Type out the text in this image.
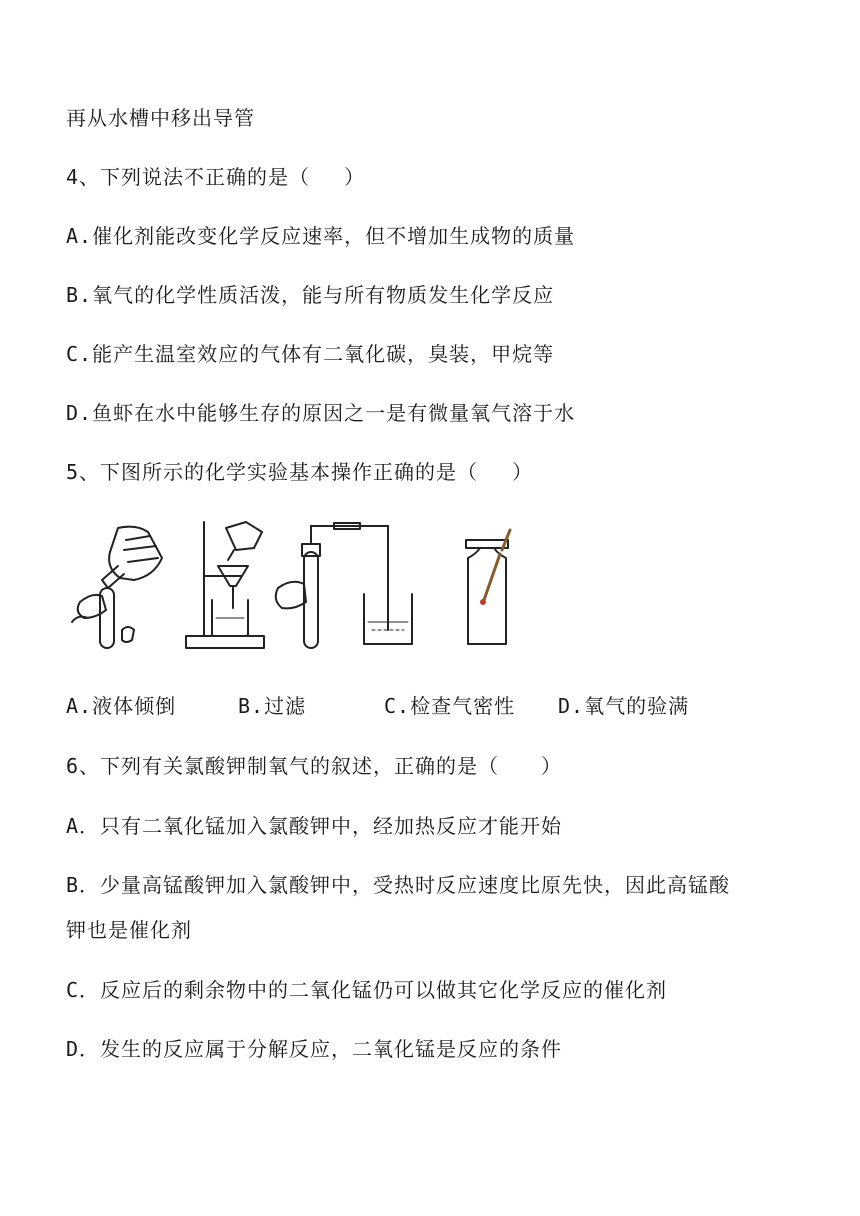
再从水槽中移出导管
4、下列说法不正确的是（　 ）
A.催化剂能改变化学反应速率，但不增加生成物的质量
B.氧气的化学性质活泼，能与所有物质发生化学反应
C.能产生温室效应的气体有二氧化碳，臭装，甲烷等
D.鱼虾在水中能够生存的原因之一是有微量氧气溶于水
5、下图所示的化学实验基本操作正确的是（　 ）
A.液体倾倒	B.过滤	C.检查气密性 D.氧气的验满
6、下列有关氯酸钾制氧气的叙述，正确的是（　　）
A．只有二氧化锰加入氯酸钾中，经加热反应才能开始
B．少量高锰酸钾加入氯酸钾中，受热时反应速度比原先快，因此高锰酸
钾也是催化剂
C．反应后的剩余物中的二氧化锰仍可以做其它化学反应的催化剂
D．发生的反应属于分解反应，二氧化锰是反应的条件
